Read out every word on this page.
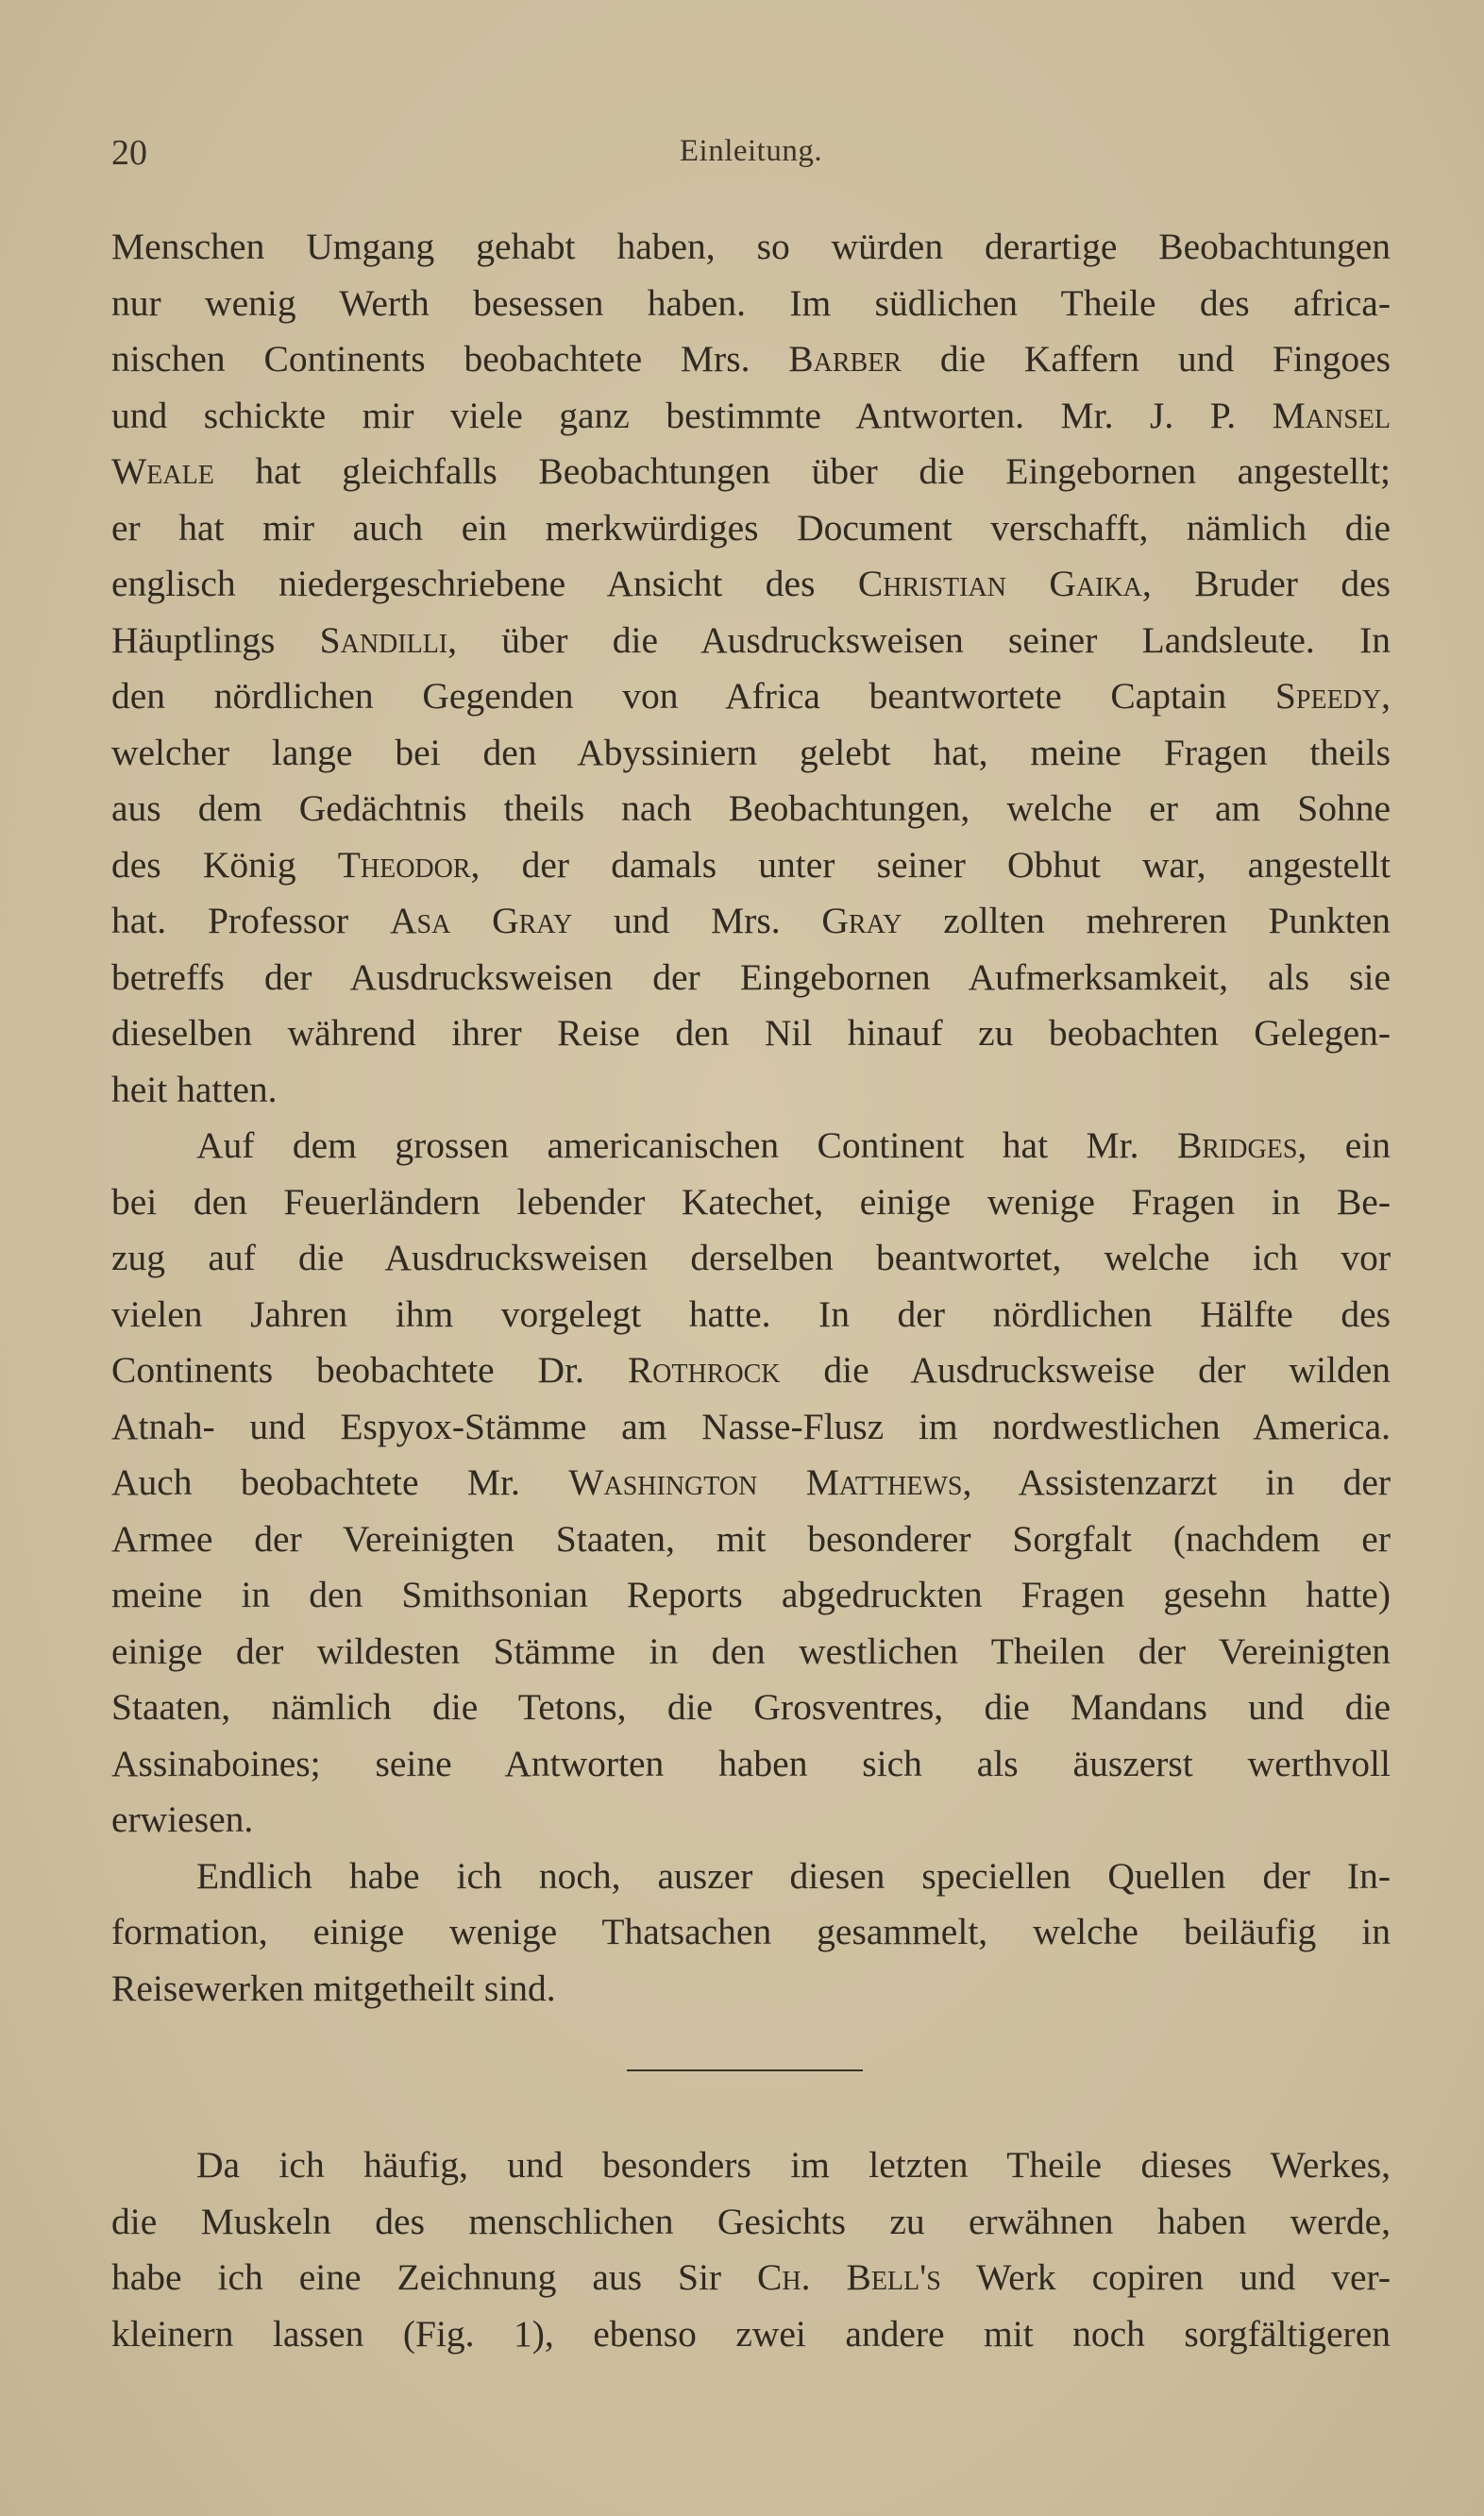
20	Einleitung.
Menschen Umgang gehabt haben, so würden derartige Beobachtungen
nur wenig Werth besessen haben. Im südlichen Theile des africa-
nischen Continents beobachtete Mrs. Barber die Kaffern und Fingoes
und schickte mir viele ganz bestimmte Antworten. Mr. J. P. Mansel
Weale hat gleichfalls Beobachtungen über die Eingebornen angestellt;
er hat mir auch ein merkwürdiges Document verschafft, nämlich die
englisch niedergeschriebene Ansicht des Christian Gaika, Bruder des
Häuptlings Sandilli, über die Ausdrucksweisen seiner Landsleute. In
den nördlichen Gegenden von Africa beantwortete Captain Speedy,
welcher lange bei den Abyssiniern gelebt hat, meine Fragen theils
aus dem Gedächtnis theils nach Beobachtungen, welche er am Sohne
des König Theodor, der damals unter seiner Obhut war, angestellt
hat. Professor Asa Gray und Mrs. Gray zollten mehreren Punkten
betreffs der Ausdrucksweisen der Eingebornen Aufmerksamkeit, als sie
dieselben während ihrer Reise den Nil hinauf zu beobachten Gelegen-
heit hatten.
Auf dem grossen americanischen Continent hat Mr. Bridges, ein
bei den Feuerländern lebender Katechet, einige wenige Fragen in Be-
zug auf die Ausdrucksweisen derselben beantwortet, welche ich vor
vielen Jahren ihm vorgelegt hatte. In der nördlichen Hälfte des
Continents beobachtete Dr. Rothrock die Ausdrucksweise der wilden
Atnah- und Espyox-Stämme am Nasse-Flusz im nordwestlichen America.
Auch beobachtete Mr. Washington Matthews, Assistenzarzt in der
Armee der Vereinigten Staaten, mit besonderer Sorgfalt (nachdem er
meine in den Smithsonian Reports abgedruckten Fragen gesehn hatte)
einige der wildesten Stämme in den westlichen Theilen der Vereinigten
Staaten, nämlich die Tetons, die Grosventres, die Mandans und die
Assinaboines; seine Antworten haben sich als äuszerst werthvoll
erwiesen.
Endlich habe ich noch, auszer diesen speciellen Quellen der In-
formation, einige wenige Thatsachen gesammelt, welche beiläufig in
Reisewerken mitgetheilt sind.
Da ich häufig, und besonders im letzten Theile dieses Werkes,
die Muskeln des menschlichen Gesichts zu erwähnen haben werde,
habe ich eine Zeichnung aus Sir Ch. Bell's Werk copiren und ver-
kleinern lassen (Fig. 1), ebenso zwei andere mit noch sorgfältigeren
